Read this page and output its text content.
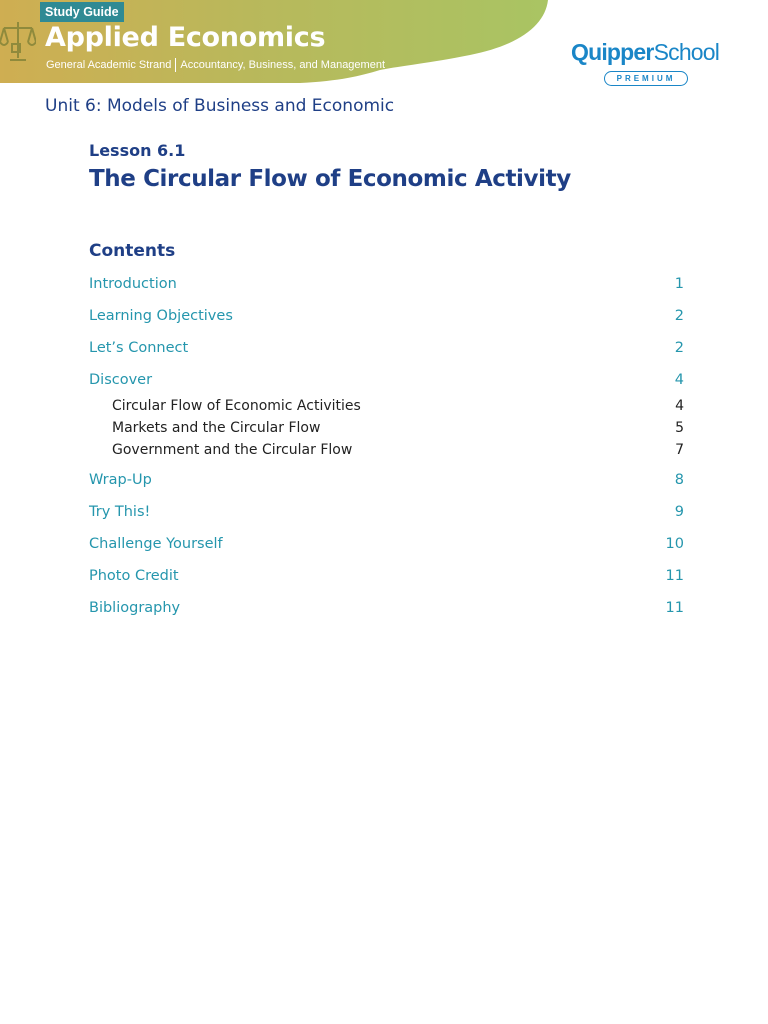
Study Guide
Applied Economics
General Academic Strand Accountancy, Business, and Management	QuipperSchool
PREMIUM
Unit 6: Models of Business and Economic
Lesson 6.1
The Circular Flow of Economic Activity
Contents
Introduction	1
Learning Objectives	2
Let’s Connect	2
Discover	4
Circular Flow of Economic Activities	4
Markets and the Circular Flow	5
Government and the Circular Flow	7
Wrap-Up	8
Try This!	9
Challenge Yourself	10
Photo Credit	11
Bibliography	11
